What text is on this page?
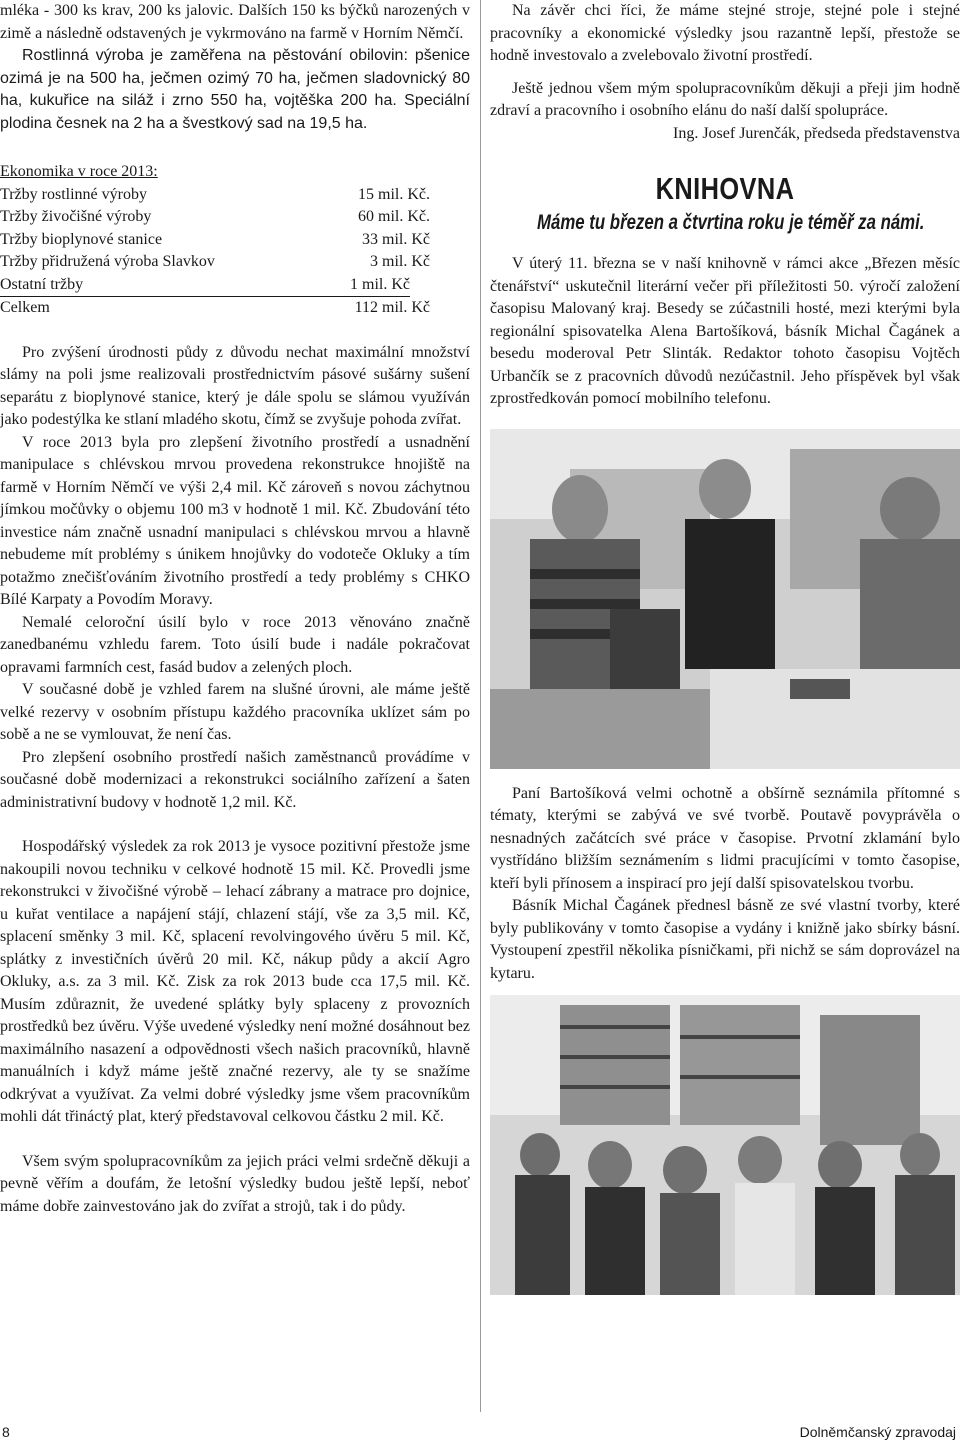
mléka - 300 ks krav, 200 ks jalovic. Dalších 150 ks býčků narozených v zimě a následně odstavených je vykrmováno na farmě v Horním Němčí.

Rostlinná výroba je zaměřena na pěstování obilovin: pšenice ozimá je na 500 ha, ječmen ozimý 70 ha, ječmen sladovnický 80 ha, kukuřice na siláž i zrno 550 ha, vojtěška 200 ha. Speciální plodina česnek na 2 ha a švestkový sad na 19,5 ha.

Ekonomika v roce 2013:
Tržby rostlinné výroby	15 mil. Kč.
Tržby živočišné výroby	60 mil. Kč.
Tržby bioplynové stanice	33 mil. Kč
Tržby přidružená výroba Slavkov	3 mil. Kč
Ostatní tržby	1 mil. Kč
Celkem	112 mil. Kč

Pro zvýšení úrodnosti půdy z důvodu nechat maximální množství slámy na poli jsme realizovali prostřednictvím pásové sušárny sušení separátu z bioplynové stanice, který je dále spolu se slámou využíván jako podestýlka ke stlaní mladého skotu, čímž se zvyšuje pohoda zvířat.

V roce 2013 byla pro zlepšení životního prostředí a usnadnění manipulace s chlévskou mrvou provedena rekonstrukce hnojiště na farmě v Horním Němčí ve výši 2,4 mil. Kč zároveň s novou záchytnou jímkou močůvky o objemu 100 m3 v hodnotě 1 mil. Kč. Zbudování této investice nám značně usnadní manipulaci s chlévskou mrvou a hlavně nebudeme mít problémy s únikem hnojůvky do vodoteče Okluky a tím potažmo znečišťováním životního prostředí a tedy problémy s CHKO Bílé Karpaty a Povodím Moravy.

Nemalé celoroční úsilí bylo v roce 2013 věnováno značně zanedbanému vzhledu farem. Toto úsilí bude i nadále pokračovat opravami farmních cest, fasád budov a zelených ploch.

V současné době je vzhled farem na slušné úrovni, ale máme ještě velké rezervy v osobním přístupu každého pracovníka uklízet sám po sobě a ne se vymlouvat, že není čas.

Pro zlepšení osobního prostředí našich zaměstnanců provádíme v současné době modernizaci a rekonstrukci sociálního zařízení a šaten administrativní budovy v hodnotě 1,2 mil. Kč.

Hospodářský výsledek za rok 2013 je vysoce pozitivní přestože jsme nakoupili novou techniku v celkové hodnotě 15 mil. Kč. Provedli jsme rekonstrukci v živočišné výrobě – lehací zábrany a matrace pro dojnice, u kuřat ventilace a napájení stájí, chlazení stájí, vše za 3,5 mil. Kč, splacení směnky 3 mil. Kč, splacení revolvingového úvěru 5 mil. Kč, splátky z investičních úvěrů 20 mil. Kč, nákup půdy a akcií Agro Okluky, a.s. za 3 mil. Kč. Zisk za rok 2013 bude cca 17,5 mil. Kč. Musím zdůraznit, že uvedené splátky byly splaceny z provozních prostředků bez úvěru. Výše uvedené výsledky není možné dosáhnout bez maximálního nasazení a odpovědnosti všech našich pracovníků, hlavně manuálních i když máme ještě značné rezervy, ale ty se snažíme odkrývat a využívat. Za velmi dobré výsledky jsme všem pracovníkům mohli dát třináctý plat, který představoval celkovou částku 2 mil. Kč.

Všem svým spolupracovníkům za jejich práci velmi srdečně děkuji a pevně věřím a doufám, že letošní výsledky budou ještě lepší, neboť máme dobře zainvestováno jak do zvířat a strojů, tak i do půdy.

Na závěr chci říci, že máme stejné stroje, stejné pole i stejné pracovníky a ekonomické výsledky jsou razantně lepší, přestože se hodně investovalo a zvelebovalo životní prostředí.

Ještě jednou všem mým spolupracovníkům děkuji a přeji jim hodně zdraví a pracovního i osobního elánu do naší další spolupráce.

Ing. Josef Jurenčák, předseda představenstva
KNIHOVNA
Máme tu březen a čtvrtina roku je téměř za námi.

V úterý 11. března se v naší knihovně v rámci akce „Březen měsíc čtenářství“ uskutečnil literární večer při příležitosti 50. výročí založení časopisu Malovaný kraj. Besedy se zúčastnili hosté, mezi kterými byla regionální spisovatelka Alena Bartošíková, básník Michal Čagánek a besedu moderoval Petr Slinták. Redaktor tohoto časopisu Vojtěch Urbančík se z pracovních důvodů nezúčastnil. Jeho příspěvek byl však zprostředkován pomocí mobilního telefonu.

Paní Bartošíková velmi ochotně a obšírně seznámila přítomné s tématy, kterými se zabývá ve své tvorbě. Poutavě povyprávěla o nesnadných začátcích své práce v časopise. Prvotní zklamání bylo vystřídáno bližším seznámením s lidmi pracujícími v tomto časopise, kteří byli přínosem a inspirací pro její další spisovatelskou tvorbu.

Básník Michal Čagánek přednesl básně ze své vlastní tvorby, které byly publikovány v tomto časopise a vydány i knižně jako sbírky básní. Vystoupení zpestřil několika písničkami, při nichž se sám doprovázel na kytaru.

8	Dolněmčanský zpravodaj
